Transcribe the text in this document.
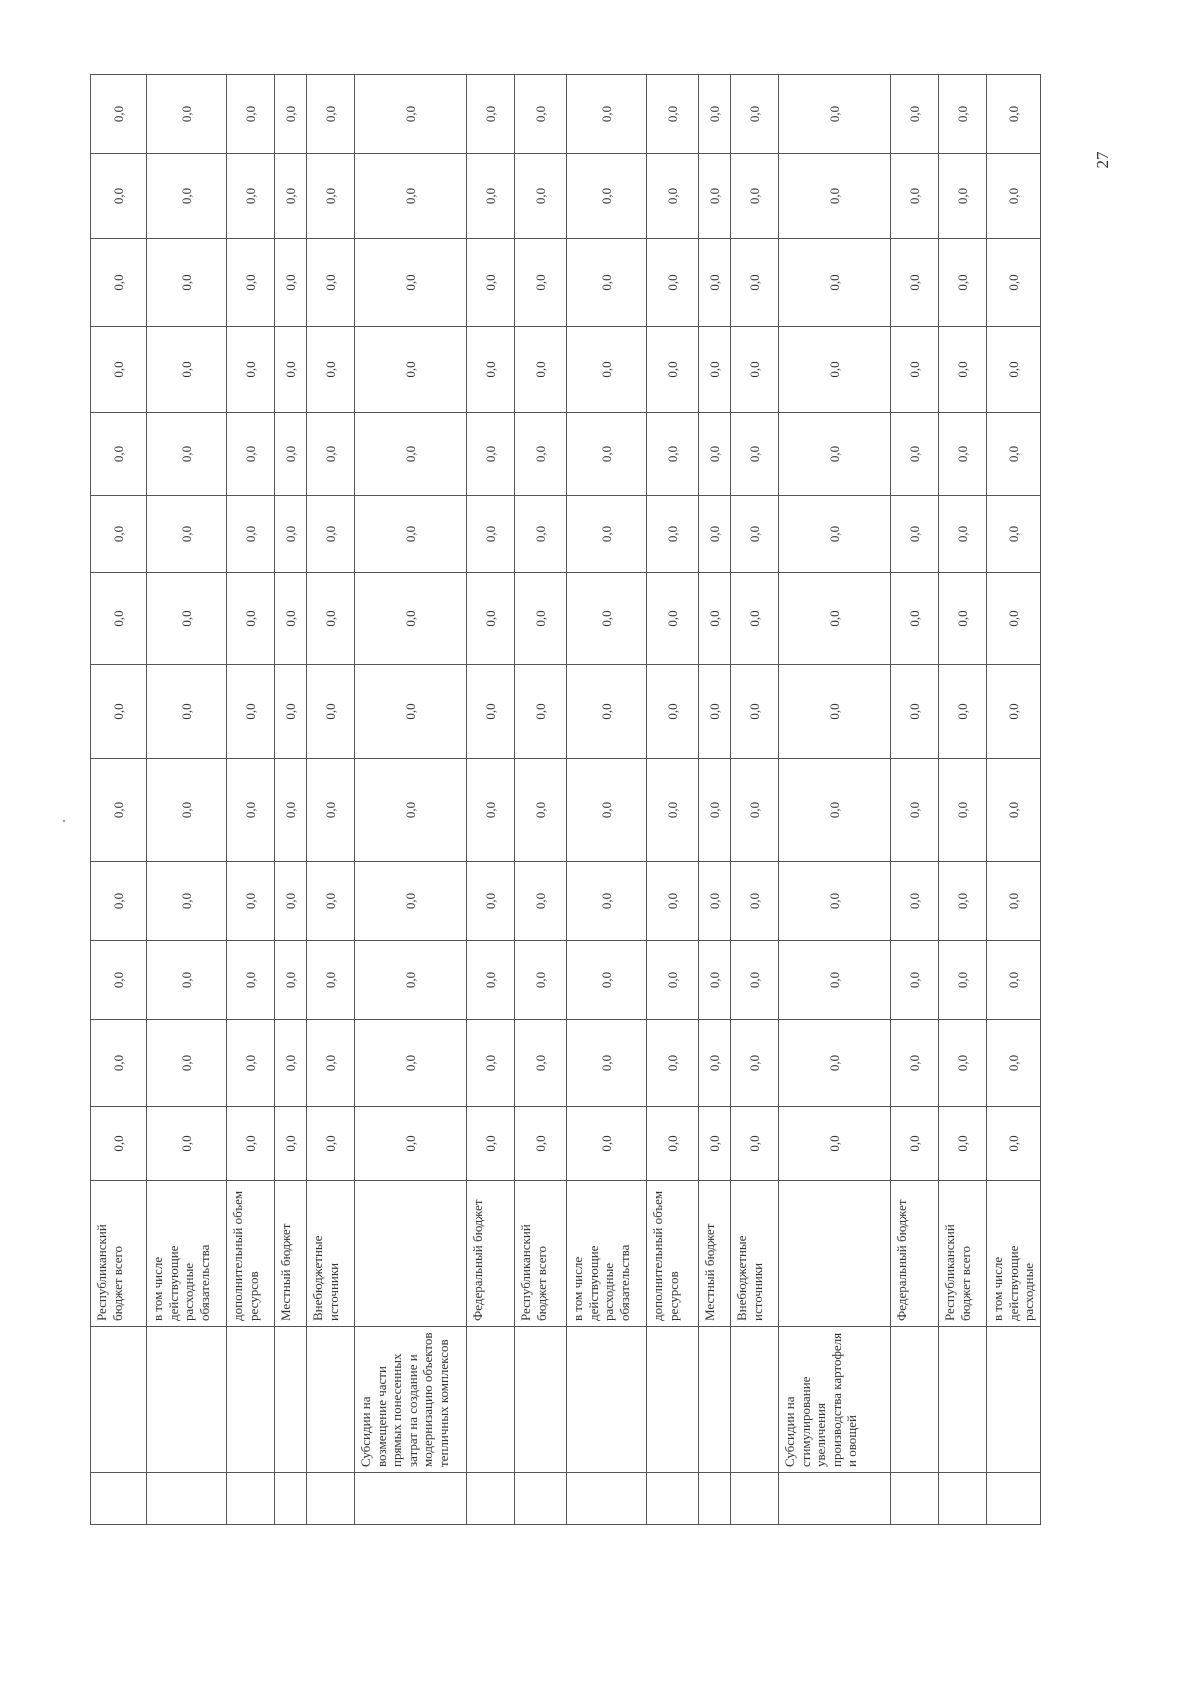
		Республиканский бюджет всего	0,0	0,0	0,0	0,0	0,0	0,0	0,0	0,0	0,0	0,0	0,0	0,0	0,0
		в том числе действующие расходные обязательства	0,0	0,0	0,0	0,0	0,0	0,0	0,0	0,0	0,0	0,0	0,0	0,0	0,0
		дополнительный объем ресурсов	0,0	0,0	0,0	0,0	0,0	0,0	0,0	0,0	0,0	0,0	0,0	0,0	0,0
		Местный бюджет	0,0	0,0	0,0	0,0	0,0	0,0	0,0	0,0	0,0	0,0	0,0	0,0	0,0
		Внебюджетные источники	0,0	0,0	0,0	0,0	0,0	0,0	0,0	0,0	0,0	0,0	0,0	0,0	0,0
	Субсидии на возмещение части прямых понесенных затрат на создание и модернизацию объектов тепличных комплексов		0,0	0,0	0,0	0,0	0,0	0,0	0,0	0,0	0,0	0,0	0,0	0,0	0,0
		Федеральный бюджет	0,0	0,0	0,0	0,0	0,0	0,0	0,0	0,0	0,0	0,0	0,0	0,0	0,0
		Республиканский бюджет всего	0,0	0,0	0,0	0,0	0,0	0,0	0,0	0,0	0,0	0,0	0,0	0,0	0,0
		в том числе действующие расходные обязательства	0,0	0,0	0,0	0,0	0,0	0,0	0,0	0,0	0,0	0,0	0,0	0,0	0,0
		дополнительный объем ресурсов	0,0	0,0	0,0	0,0	0,0	0,0	0,0	0,0	0,0	0,0	0,0	0,0	0,0
		Местный бюджет	0,0	0,0	0,0	0,0	0,0	0,0	0,0	0,0	0,0	0,0	0,0	0,0	0,0
		Внебюджетные источники	0,0	0,0	0,0	0,0	0,0	0,0	0,0	0,0	0,0	0,0	0,0	0,0	0,0
	Субсидии на стимулирование увеличения производства картофеля и овощей		0,0	0,0	0,0	0,0	0,0	0,0	0,0	0,0	0,0	0,0	0,0	0,0	0,0
		Федеральный бюджет	0,0	0,0	0,0	0,0	0,0	0,0	0,0	0,0	0,0	0,0	0,0	0,0	0,0
		Республиканский бюджет всего	0,0	0,0	0,0	0,0	0,0	0,0	0,0	0,0	0,0	0,0	0,0	0,0	0,0
		в том числе действующие расходные	0,0	0,0	0,0	0,0	0,0	0,0	0,0	0,0	0,0	0,0	0,0	0,0	0,0
27
